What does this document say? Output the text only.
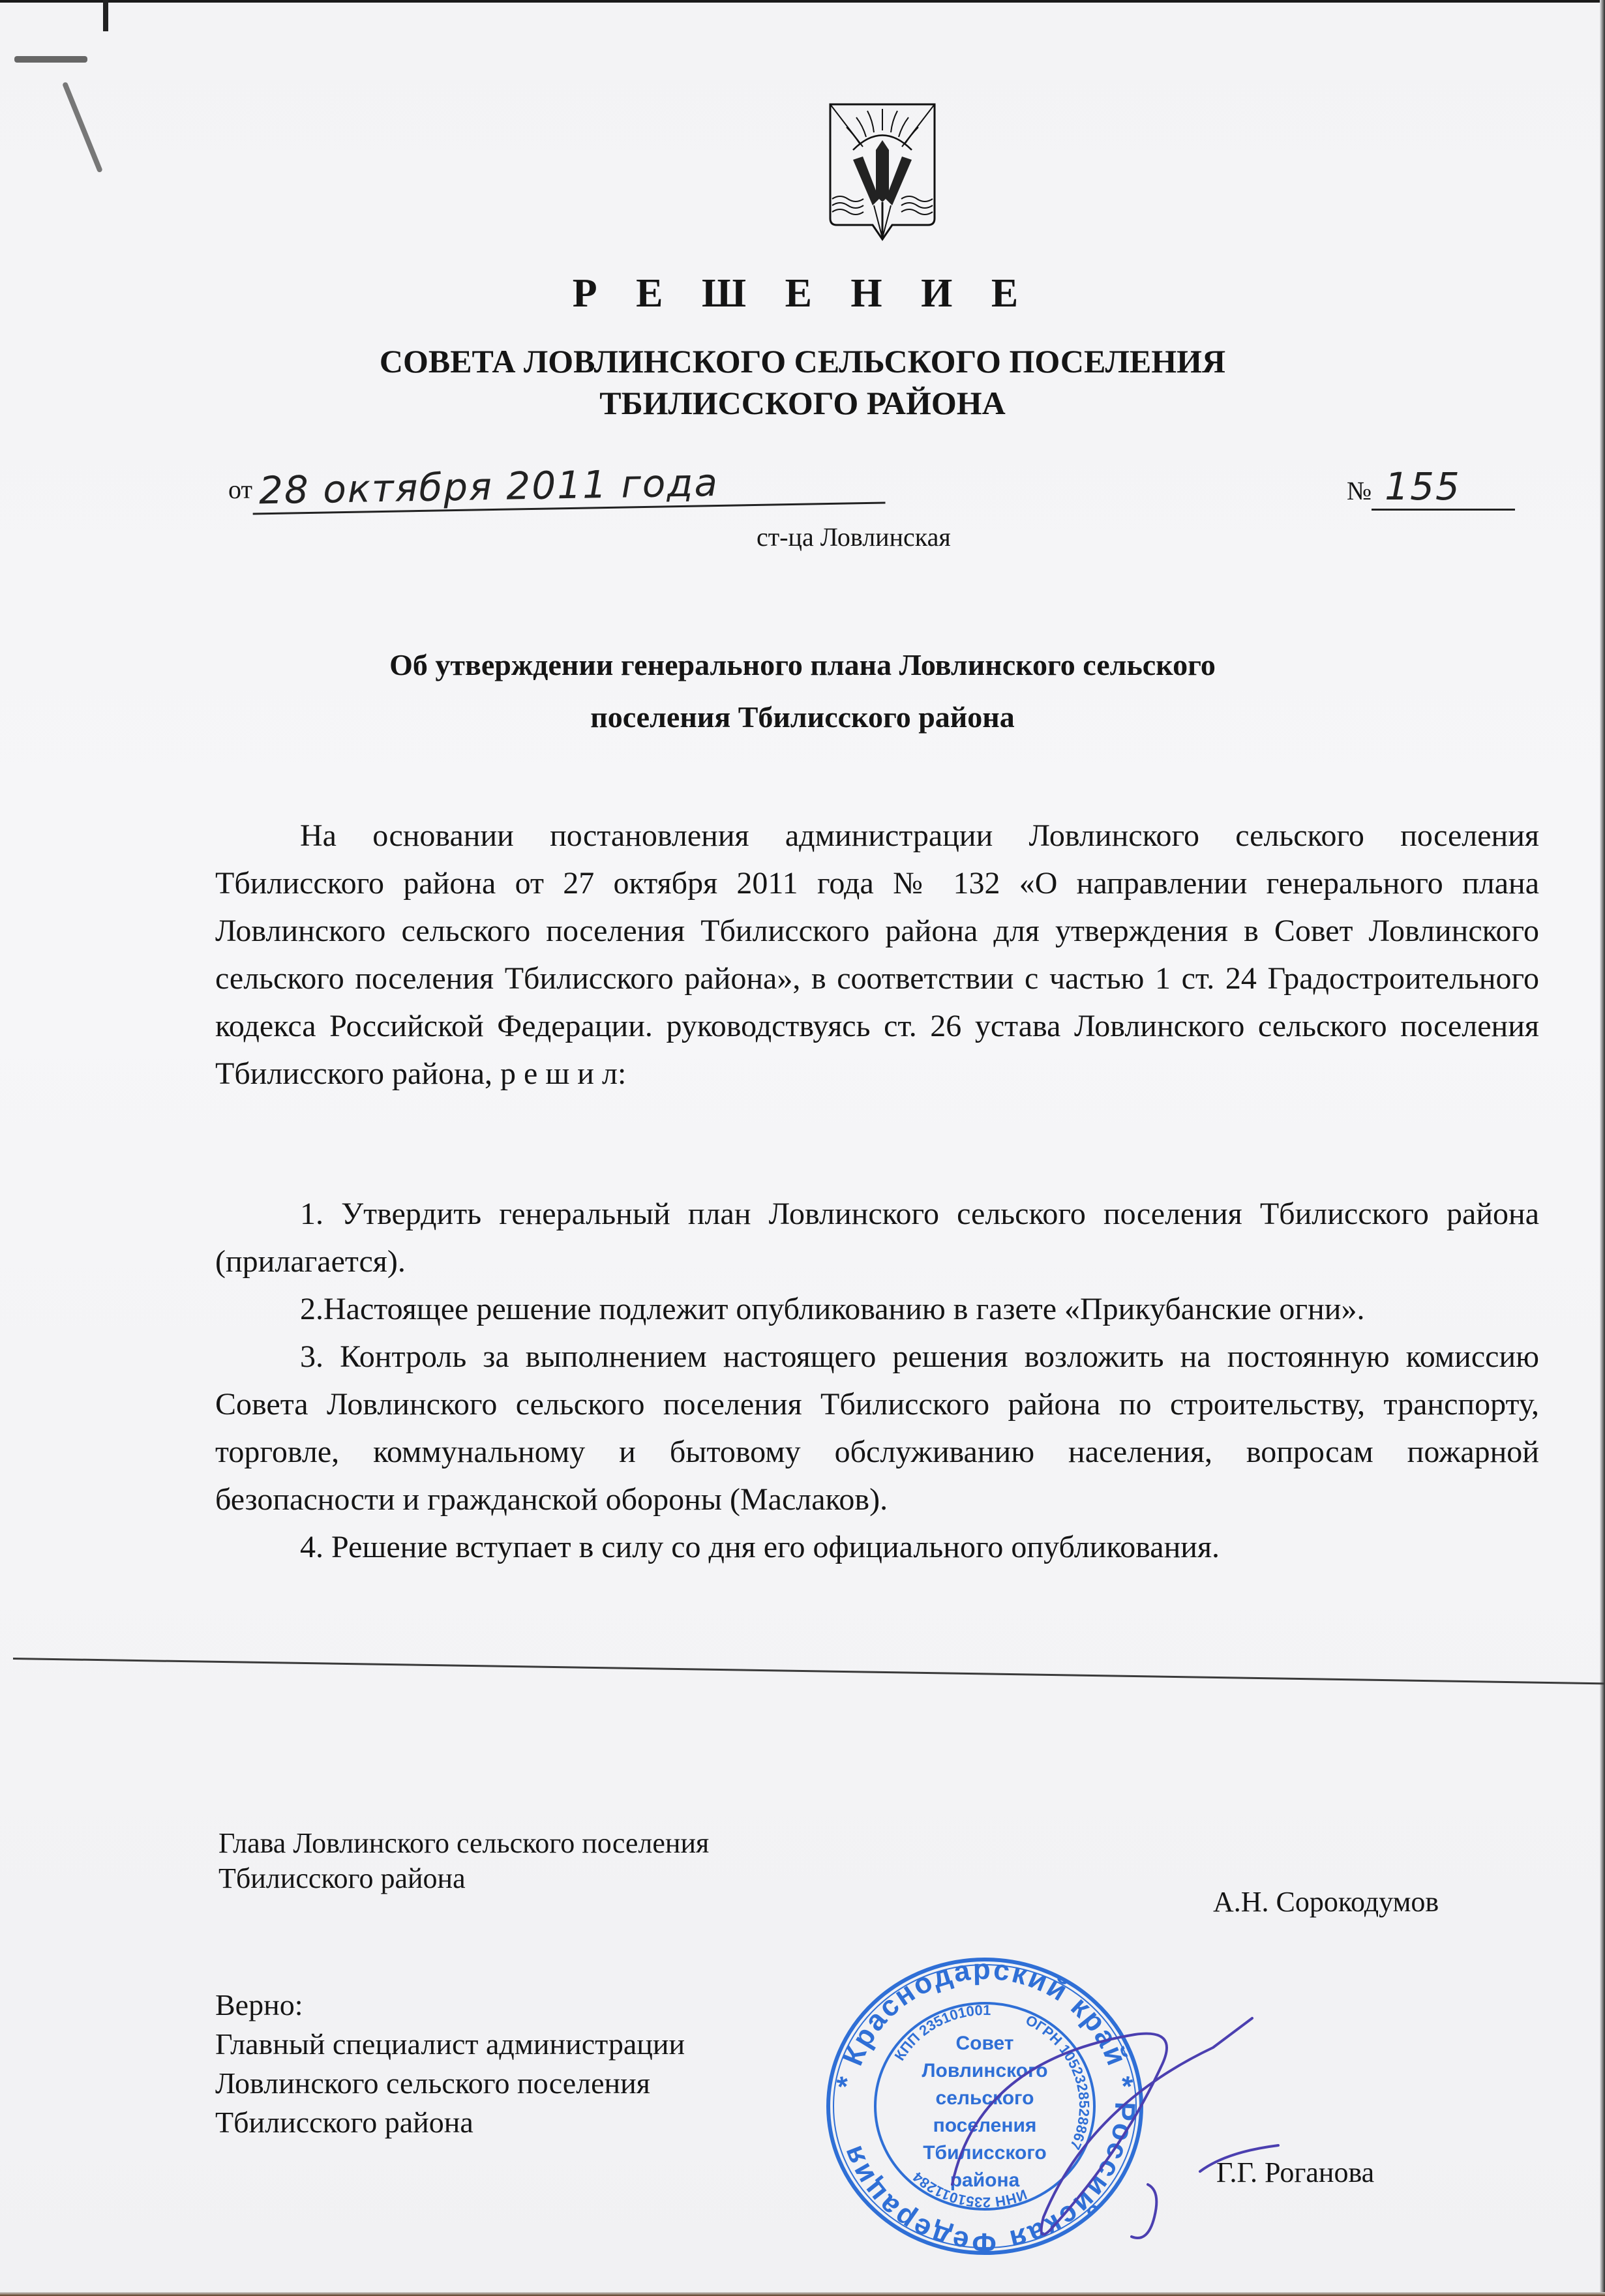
Р Е Ш Е Н И Е
СОВЕТА ЛОВЛИНСКОГО СЕЛЬСКОГО ПОСЕЛЕНИЯ
ТБИЛИССКОГО РАЙОНА
от 28 октября 2011 года	№ 155
ст-ца Ловлинская
Об утверждении генерального плана Ловлинского сельского
поселения Тбилисского района

На основании постановления администрации Ловлинского сельского поселения Тбилисского района от 27 октября 2011 года № 132 «О направлении генерального плана Ловлинского сельского поселения Тбилисского района для утверждения в Совет Ловлинского сельского поселения Тбилисского района», в соответствии с частью 1 ст. 24 Градостроительного кодекса Российской Федерации. руководствуясь ст. 26 устава Ловлинского сельского поселения Тбилисского района, р е ш и л:

1. Утвердить генеральный план Ловлинского сельского поселения Тбилисского района (прилагается).

2.Настоящее решение подлежит опубликованию в газете «Прикубанские огни».

3. Контроль за выполнением настоящего решения возложить на постоянную комиссию Совета Ловлинского сельского поселения Тбилисского района по строительству, транспорту, торговле, коммунальному и бытовому обслуживанию населения, вопросам пожарной безопасности и гражданской обороны (Маслаков).

4. Решение вступает в силу со дня его официального опубликования.

Глава Ловлинского сельского поселения
Тбилисского района
А.Н. Сорокодумов
Верно:
Главный специалист администрации
Ловлинского сельского поселения
Тбилисского района
Г.Г. Роганова
* Краснодарский край * Российская Федерация
КПП 235101001
ОГРН 1052328528867
ИНН 2351011284
Совет
Ловлинского
сельского
поселения
Тбилисского
района
